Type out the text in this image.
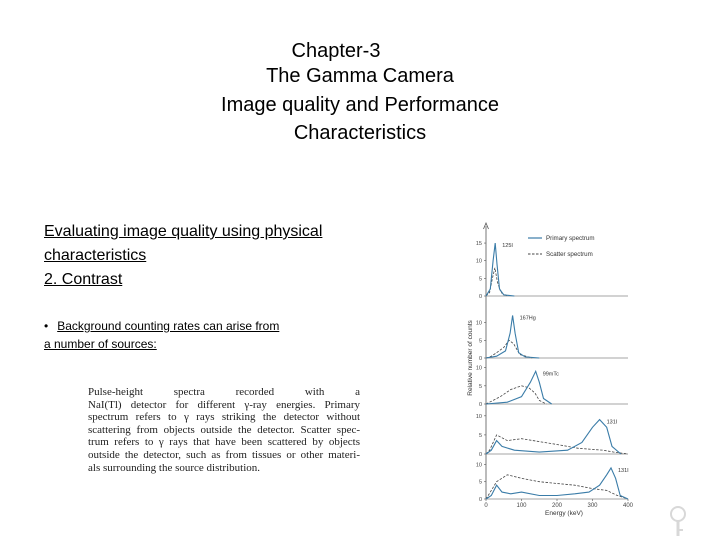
Chapter-3
The Gamma Camera
Image quality and Performance
Characteristics
Evaluating image quality using physical
characteristics
2. Contrast
• Background counting rates can arise from
a number of sources:
Pulse-height spectra recorded with a
NaI(Tl) detector for different γ-ray energies. Primary
spectrum refers to γ rays striking the detector without
scattering from objects outside the detector. Scatter spec-
trum refers to γ rays that have been scattered by objects
outside the detector, such as from tissues or other materi-
als surrounding the source distribution.
Relative number of counts
0
5
10
15	125I
0
5
10
167Hg
0
5
10
99mTc
0
5
10
131I
0
5
10
131I
0	100	200	300	400
Energy (keV)
Primary spectrum
Scatter spectrum
